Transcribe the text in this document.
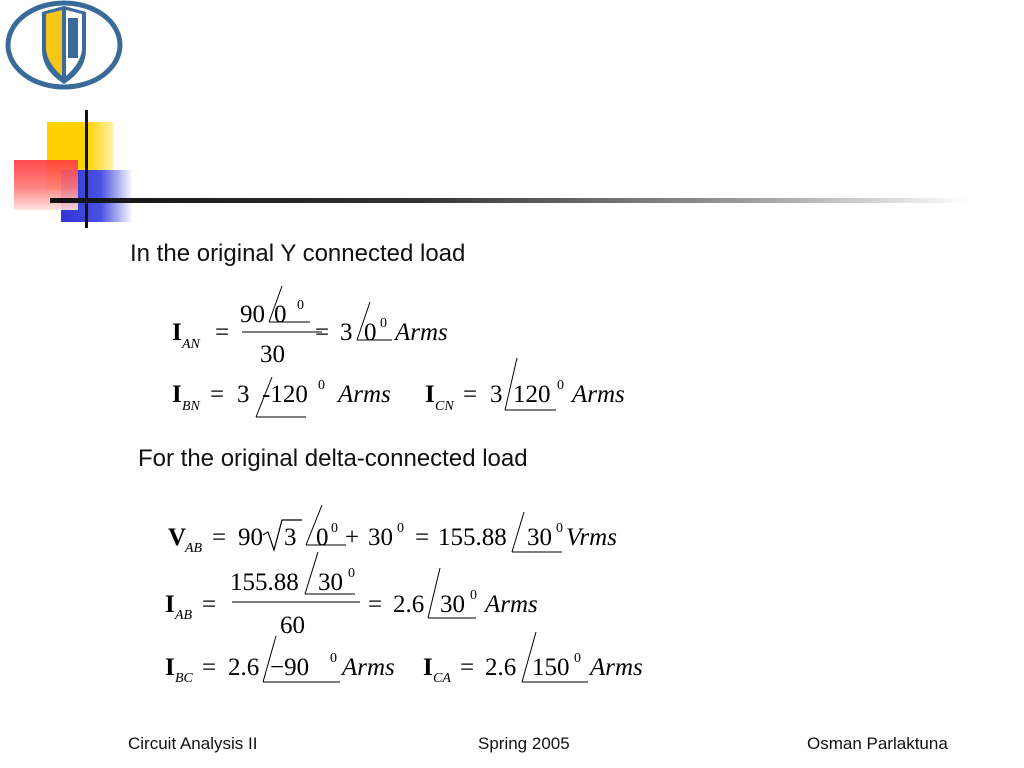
In the original Y connected load
I AN =
90 0 0
30
= 3 0 0 Arms
I BN = 3 -120 0 Arms I CN = 3 120 0 Arms
For the original delta-connected load
V
AB = 90 3 0 0 + 30 0 = 155.88 30 0 Vrms
I AB =
155.88 30 0
60
= 2.6 30 0 Arms
I BC = 2.6 −90 0 Arms I CA = 2.6 150 0 Arms
Circuit Analysis II	Spring 2005	Osman Parlaktuna
